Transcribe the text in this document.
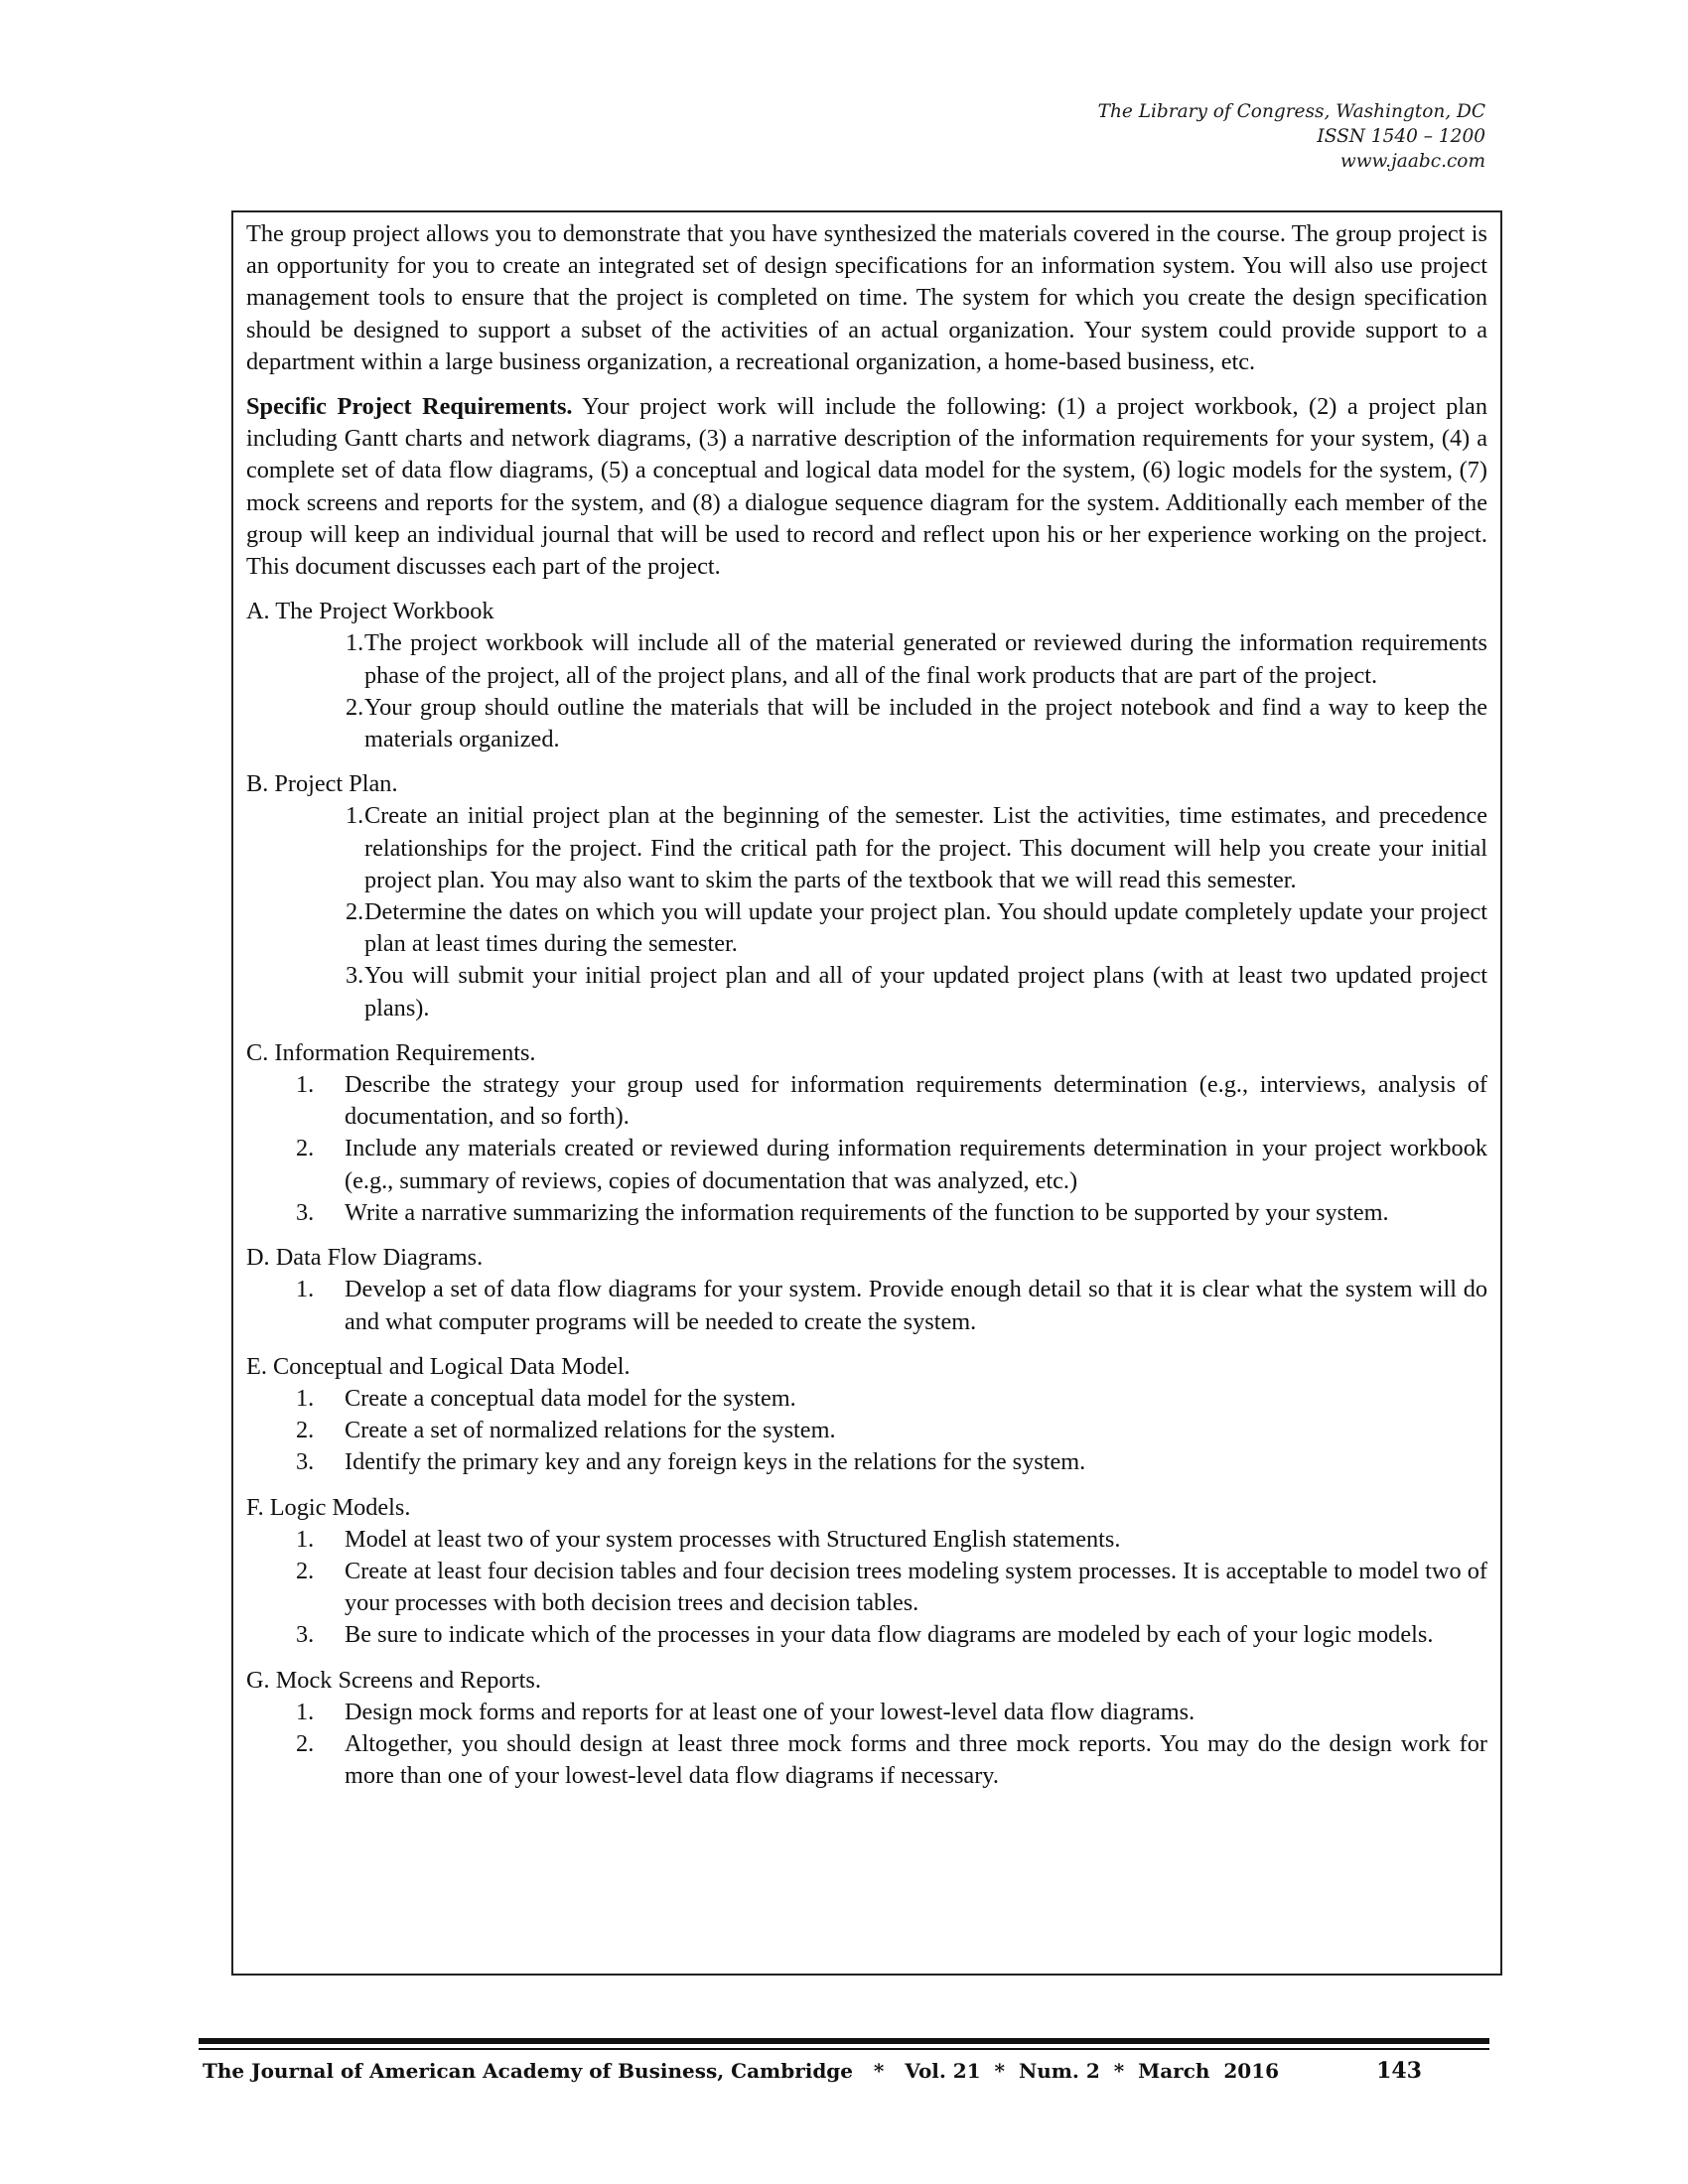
The Library of Congress, Washington, DC
ISSN 1540 – 1200
www.jaabc.com

The group project allows you to demonstrate that you have synthesized the materials covered in the course. The group project is an opportunity for you to create an integrated set of design specifications for an information system. You will also use project management tools to ensure that the project is completed on time. The system for which you create the design specification should be designed to support a subset of the activities of an actual organization. Your system could provide support to a department within a large business organization, a recreational organization, a home-based business, etc.

Specific Project Requirements. Your project work will include the following: (1) a project workbook, (2) a project plan including Gantt charts and network diagrams, (3) a narrative description of the information requirements for your system, (4) a complete set of data flow diagrams, (5) a conceptual and logical data model for the system, (6) logic models for the system, (7) mock screens and reports for the system, and (8) a dialogue sequence diagram for the system. Additionally each member of the group will keep an individual journal that will be used to record and reflect upon his or her experience working on the project. This document discusses each part of the project.

A. The Project Workbook
1. The project workbook will include all of the material generated or reviewed during the information requirements phase of the project, all of the project plans, and all of the final work products that are part of the project.
2. Your group should outline the materials that will be included in the project notebook and find a way to keep the materials organized.
B. Project Plan.
1. Create an initial project plan at the beginning of the semester. List the activities, time estimates, and precedence relationships for the project. Find the critical path for the project. This document will help you create your initial project plan. You may also want to skim the parts of the textbook that we will read this semester.
2. Determine the dates on which you will update your project plan. You should update completely update your project plan at least times during the semester.
3. You will submit your initial project plan and all of your updated project plans (with at least two updated project plans).
C. Information Requirements.
1. Describe the strategy your group used for information requirements determination (e.g., interviews, analysis of documentation, and so forth).
2. Include any materials created or reviewed during information requirements determination in your project workbook (e.g., summary of reviews, copies of documentation that was analyzed, etc.)
3. Write a narrative summarizing the information requirements of the function to be supported by your system.
D. Data Flow Diagrams.
1. Develop a set of data flow diagrams for your system. Provide enough detail so that it is clear what the system will do and what computer programs will be needed to create the system.
E. Conceptual and Logical Data Model.
1. Create a conceptual data model for the system.
2. Create a set of normalized relations for the system.
3. Identify the primary key and any foreign keys in the relations for the system.
F. Logic Models.
1. Model at least two of your system processes with Structured English statements.
2. Create at least four decision tables and four decision trees modeling system processes. It is acceptable to model two of your processes with both decision trees and decision tables.
3. Be sure to indicate which of the processes in your data flow diagrams are modeled by each of your logic models.
G. Mock Screens and Reports.
1. Design mock forms and reports for at least one of your lowest-level data flow diagrams.
2. Altogether, you should design at least three mock forms and three mock reports. You may do the design work for more than one of your lowest-level data flow diagrams if necessary.
The Journal of American Academy of Business, Cambridge   *   Vol. 21  *  Num. 2  *  March  2016	143
